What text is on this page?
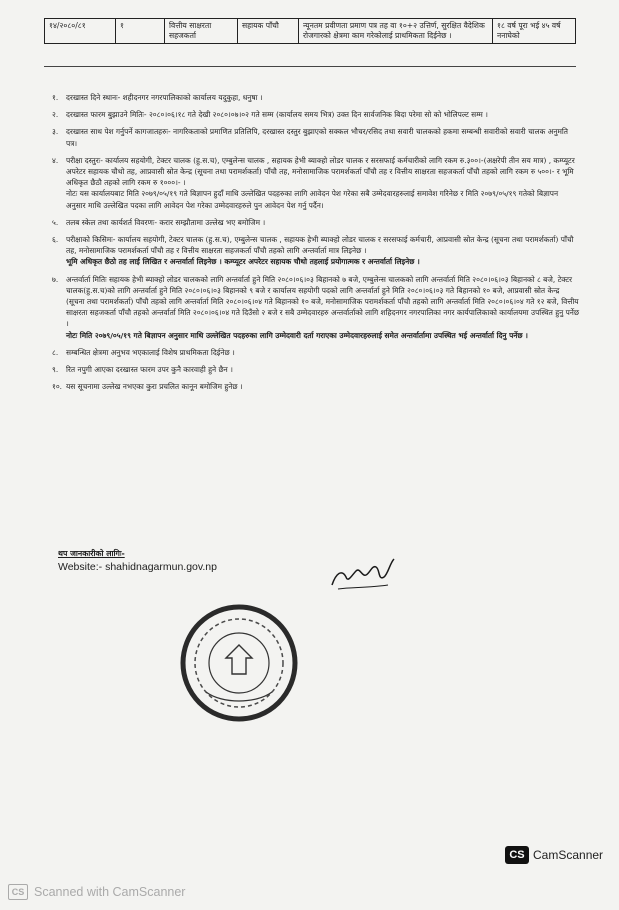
१४/२०८०/८१	१	वित्तीय साक्षरता सहजकर्ता	सहायक पाँचौ	न्यूनतम प्रवीणता प्रमाण पत्र तह वा १०+२ उत्तिर्ण, सुरक्षित वैदेशिक रोजगारको क्षेत्रमा काम गरेकोलाई प्राथमिकता दिईनेछ ।	१८ वर्ष पूरा भई ४५ वर्ष ननाघेको
१.	दरखास्त दिने स्थानः- शहीदनगर नगरपालिकाको कार्यालय यदुकुहा, धनुषा ।
२.	दरखास्त फारम बुझाउने मितिः- २०८०।०६।१८ गते देखी २०८०।०७।०२ गते सम्म (कार्यालय समय भित्र) उक्त दिन सार्वजनिक बिदा परेमा सो को भोलिपल्ट सम्म ।
३.	दरखास्त साथ पेश गर्नुपर्ने कागजातहरुः- नागरिकताको प्रमाणित प्रतिलिपि, दरखास्त दस्तुर बुझाएको सक्कल भौचर/रसिद तथा सवारी चालकको हकमा सम्बन्धी सवारीको सवारी चालक अनुमति पत्र।
४.	परीक्षा दस्तुरः- कार्यालय सहयोगी, टेक्टर चालक (हु.स.च), एम्बुलेन्स चालक , सहायक हेभी ब्याक्हो लोडर चालक र सरसफाई कर्मचारीको लागि रकम रु.३००।-(अक्षरेपी तीन सय मात्र) , कम्प्यूटर अपरेटर सहायक चौथो तह, आप्रवासी स्रोत केन्द्र (सूचना तथा परामर्शकर्ता) पाँचौ तह, मनोसामाजिक परामर्शकर्ता पाँचौ तह र वित्तीय साक्षरता सहजकर्ता पाँचौ तहको लागि रकम रु ५००।- र भूमि अधिकृत छैठौ तहको लागि रकम रु १०००।- ।

नोटः यस कार्यालयबाट मिति २०७९/०५/१९ गते बिज्ञापन हुदाँ माथि उल्लेखित पदहरुका लागि आवेदन पेश गरेका सबै उम्मेदवारहरुलाई समावेश गरिनेछ र मिति २०७९/०५/१९ गतेको बिज्ञापन अनुसार माथि उल्लेखित पदका लागि आवेदन पेश गरेका उम्मेदवारहरुले पुन आवेदन पेश गर्नु पर्दैन।

५.	तलब स्केल तथा कार्यशर्त विवरणः- करार सम्झौतामा उल्लेख भए बमोजिम ।
६.	परीक्षाको किसिमः- कार्यालय सहयोगी, टेक्टर चालक (हु.स.च), एम्बुलेन्स चालक , सहायक हेभी ब्याक्हो लोडर चालक र सरसफाई कर्मचारी, आप्रवासी स्रोत केन्द्र (सूचना तथा परामर्शकर्ता) पाँचौ तह, मनोसामाजिक परामर्शकर्ता पाँचौ तह र वित्तीय साक्षरता सहजकर्ता पाँचौ तहको लागि अन्तर्वार्ता मात्र लिइनेछ ।

भूमि अधिकृत छैठो तह लाई लिखित र अन्तर्वार्ता लिइनेछ । कम्प्यूटर अपरेटर सहायक चौथो तहलाई प्रयोगात्मक र अन्तर्वार्ता लिइनेछ ।

७.	अन्तर्वार्ता मितिः सहायक हेभी ब्याक्हो लोडर चालकको लागि अन्तर्वार्ता हुने मिति २०८०।०६।०३ बिहानको ७ बजे, एम्बुलेन्स चालकको लागि अन्तर्वार्ता मिति २०८०।०६।०३ बिहानको ८ बजे, टेक्टर चालक(हु.स.च)को लागि अन्तर्वार्ता हुने मिति २०८०।०६।०३ बिहानको ९ बजे र कार्यालय सहयोगी पदको लागि अन्तर्वार्ता हुने मिति २०८०।०६।०३ गते बिहानको १० बजे, आप्रवासी स्रोत केन्द्र (सूचना तथा परामर्शकर्ता) पाँचौ तहको लागि अन्तर्वार्ता मिति २०८०।०६।०४ गते बिहानको १० बजे, मनोसामाजिक परामर्शकर्ता पाँचौ तहको लागि अन्तर्वार्ता मिति २०८०।०६।०४ गते १२ बजे, वित्तीय साक्षरता सहजकर्ता पाँचौ तहको अन्तर्वार्ता मिति २०८०।०६।०४ गते दिउँसो २ बजे र सबै उम्मेदवारहरु अन्तर्वार्ताको लागि शहिदनगर नगरपालिका नगर कार्यपालिकाको कार्यालयमा उपस्थित हुनु पर्नेछ ।

नोटः मिति २०७९/०५/१९ गते बिज्ञापन अनुसार माथि उल्लेखित पदहरुका लागि उम्मेदवारी दर्ता गराएका उम्मेदवारहरुलाई समेत अन्तर्वार्तामा उपस्थित भई अन्तर्वार्ता दिनु पर्नेछ ।

८.	सम्बन्धित क्षेत्रमा अनुभव भएकालाई विशेष प्राथमिकता दिईनेछ ।
९.	रित नपुगी आएका दरखास्त फारम उपर कुनै कारवाही हुने छैन ।
१०. यस सूचनामा उल्लेख नभएका कुरा प्रचलित कानून बमोजिम हुनेछ ।
थप जानकारीको लागिः-
Website:- shahidnagarmun.gov.np
CS CamScanner
CS Scanned with CamScanner
